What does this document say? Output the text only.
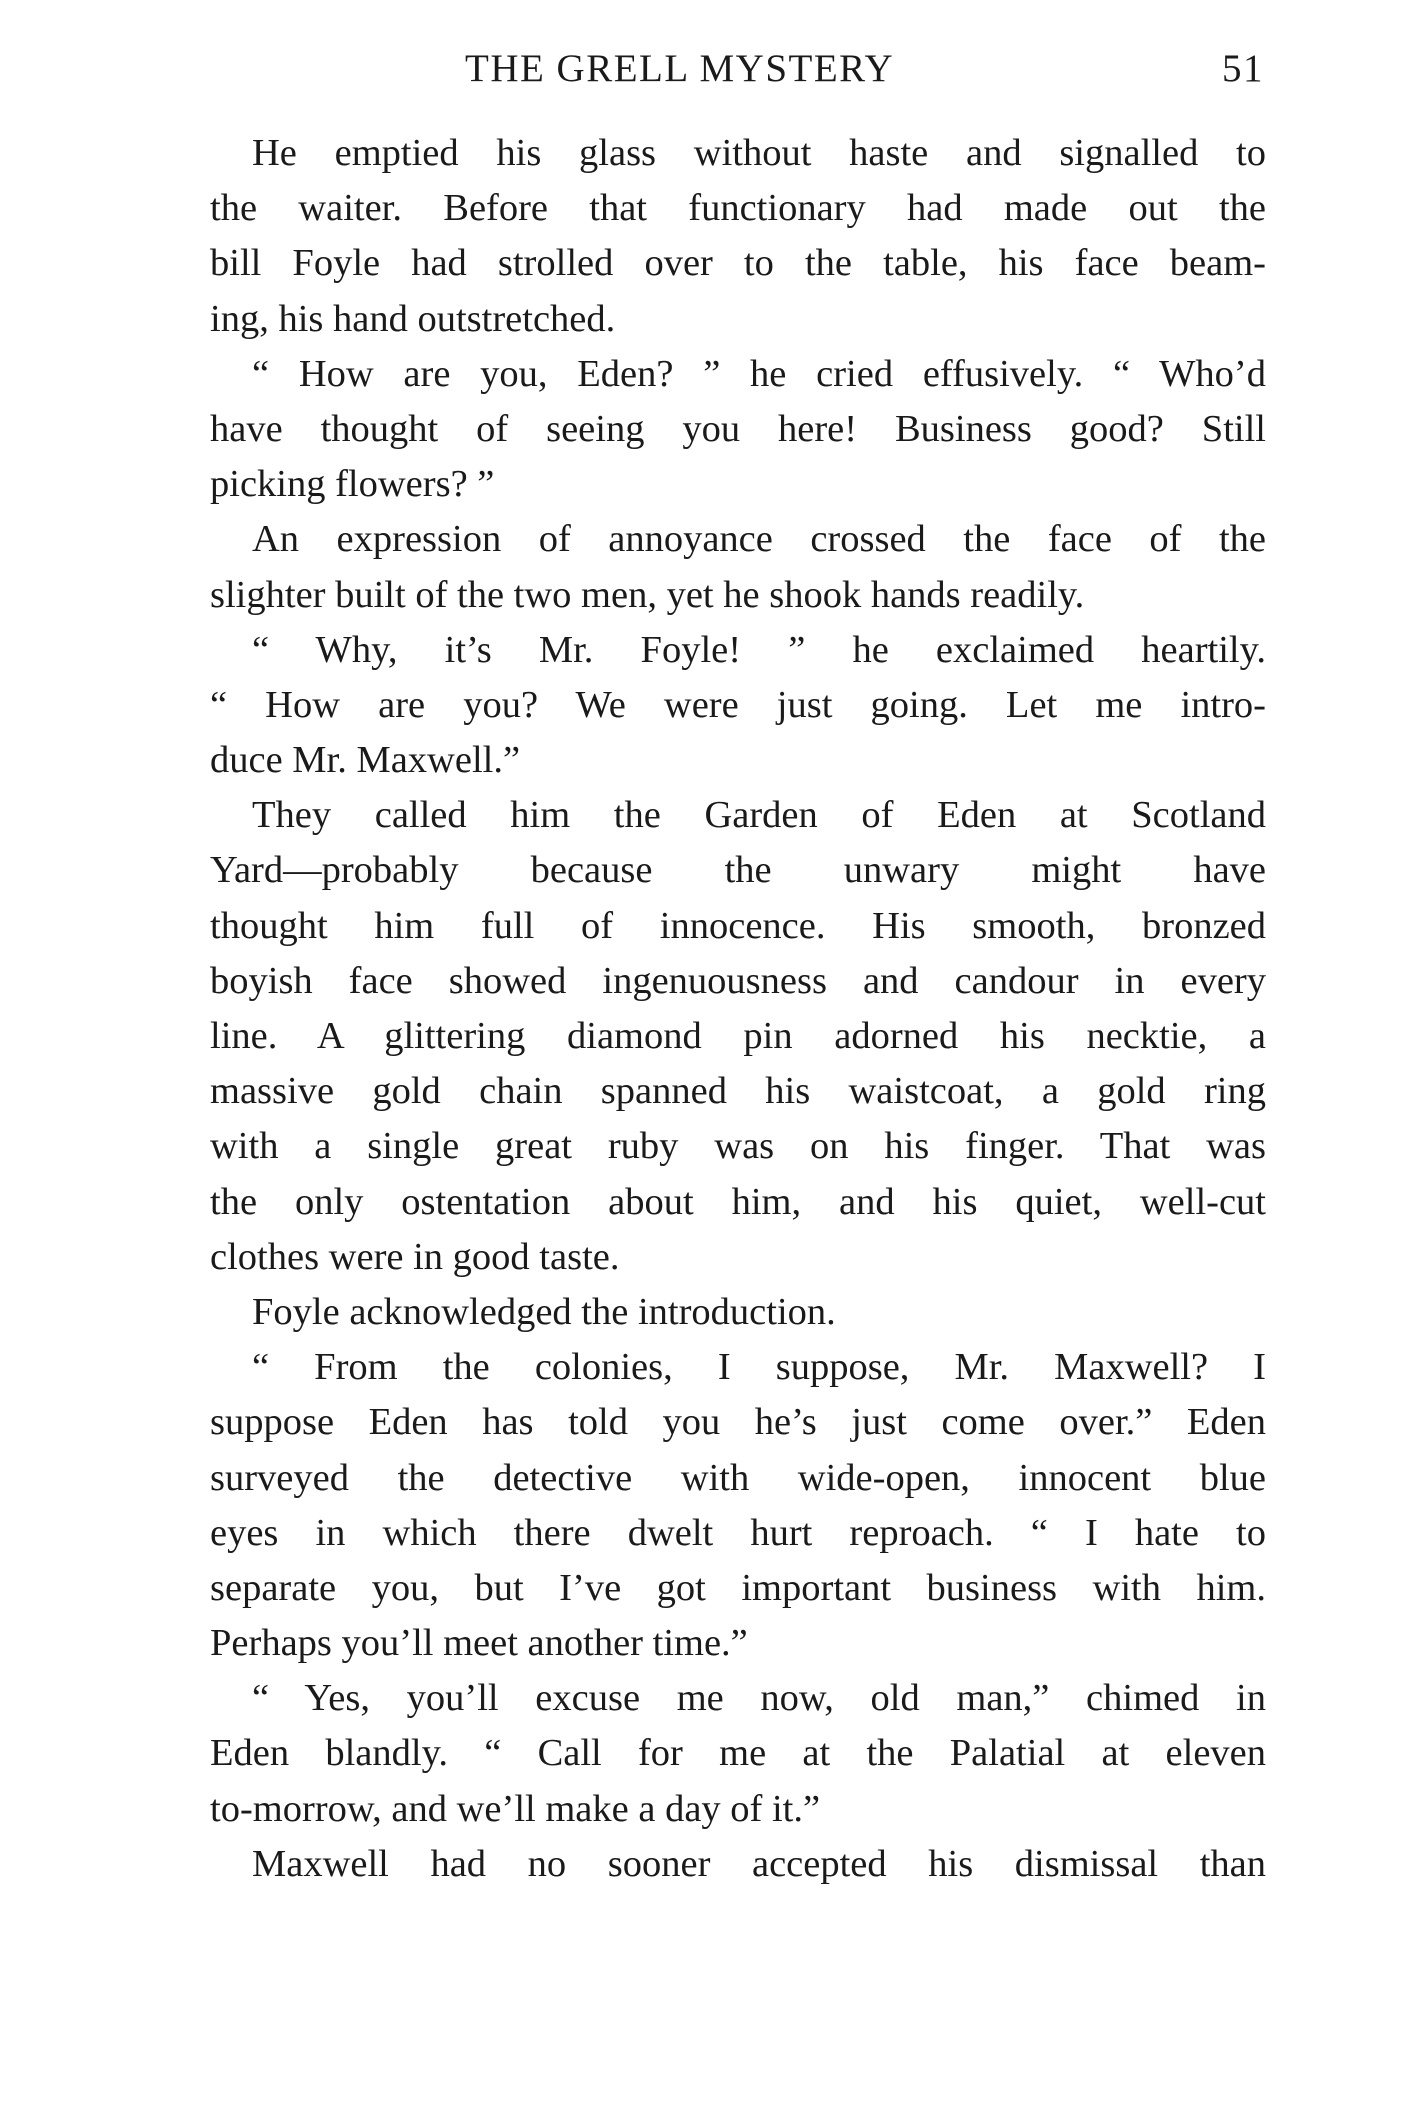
THE GRELL MYSTERY	51
He emptied his glass without haste and signalled to
the waiter. Before that functionary had made out the
bill Foyle had strolled over to the table, his face beam-
ing, his hand outstretched.
“ How are you, Eden? ” he cried effusively. “ Who’d
have thought of seeing you here! Business good? Still
picking flowers? ”
An expression of annoyance crossed the face of the
slighter built of the two men, yet he shook hands readily.
“ Why, it’s Mr. Foyle! ” he exclaimed heartily.
“ How are you? We were just going. Let me intro-
duce Mr. Maxwell.”
They called him the Garden of Eden at Scotland
Yard—probably because the unwary might have
thought him full of innocence. His smooth, bronzed
boyish face showed ingenuousness and candour in every
line. A glittering diamond pin adorned his necktie, a
massive gold chain spanned his waistcoat, a gold ring
with a single great ruby was on his finger. That was
the only ostentation about him, and his quiet, well-cut
clothes were in good taste.
Foyle acknowledged the introduction.
“ From the colonies, I suppose, Mr. Maxwell? I
suppose Eden has told you he’s just come over.” Eden
surveyed the detective with wide-open, innocent blue
eyes in which there dwelt hurt reproach. “ I hate to
separate you, but I’ve got important business with him.
Perhaps you’ll meet another time.”
“ Yes, you’ll excuse me now, old man,” chimed in
Eden blandly. “ Call for me at the Palatial at eleven
to-morrow, and we’ll make a day of it.”
Maxwell had no sooner accepted his dismissal than
